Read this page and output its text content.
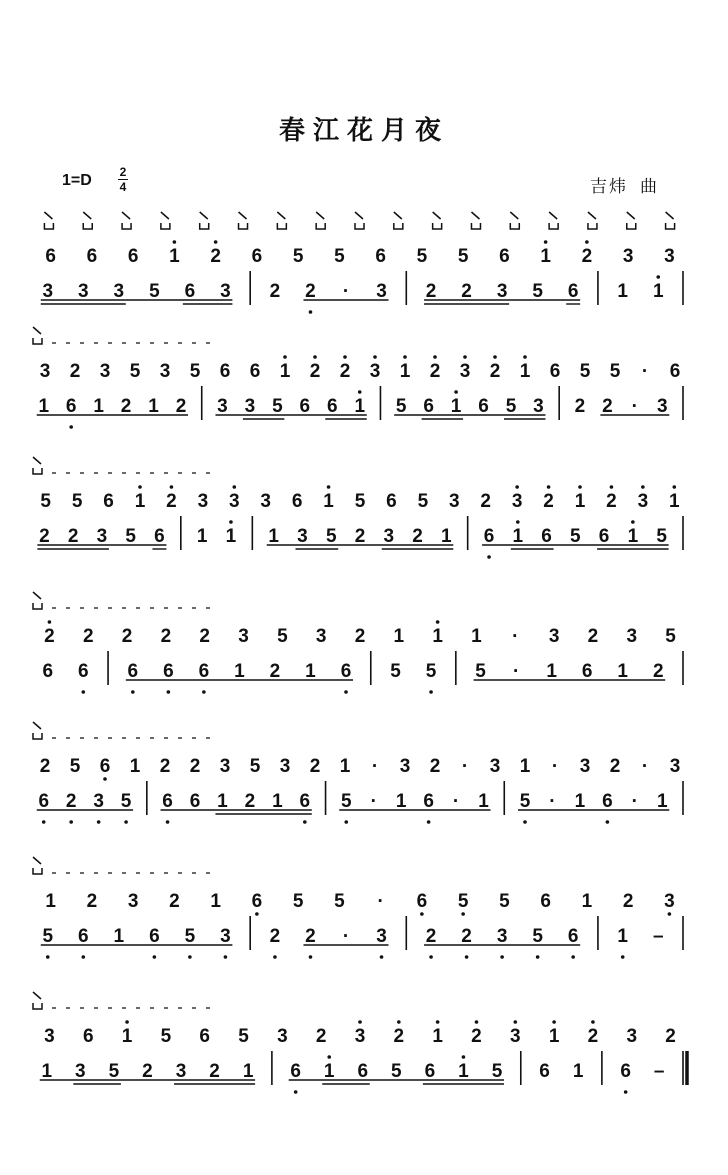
春江花月夜
1=D 2
4	吉炜 曲
6 6 6 1 2 6 5 5 6 5 5 6 1 2 3 3
3 3 3 5 6 3 2 2 · 3 2 2 3 5 6 1 1
3 2 3 5 3 5 6 6 1 2 2 3 1 2 3 2 1 6 5 5 · 6
1 6 1 2 1 2 3 3 5 6 6 1 5 6 1 6 5 3 2 2 · 3
5 5 6 1 2 3 3 3 6 1 5 6 5 3 2 3 2 1 2 3 1
2 2 3 5 6 1 1 1 3 5 2 3 2 1 6 1 6 5 6 1 5
2 2 2 2 2 3 5 3 2 1 1 1 · 3 2 3 5
6 6 6 6 6 1 2 1 6 5 5 5 · 1 6 1 2
2 5 6 1 2 2 3 5 3 2 1 · 3 2 · 3 1 · 3 2 · 3
6 2 3 5 6 6 1 2 1 6 5 · 1 6 · 1 5 · 1 6 · 1
1 2 3 2 1 6 5 5 · 6 5 5 6 1 2 3
5 6 1 6 5 3 2 2 · 3 2 2 3 5 6 1 –
3 6 1 5 6 5 3 2 3 2 1 2 3 1 2 3 2
1 3 5 2 3 2 1 6 1 6 5 6 1 5 6 1 6 –
